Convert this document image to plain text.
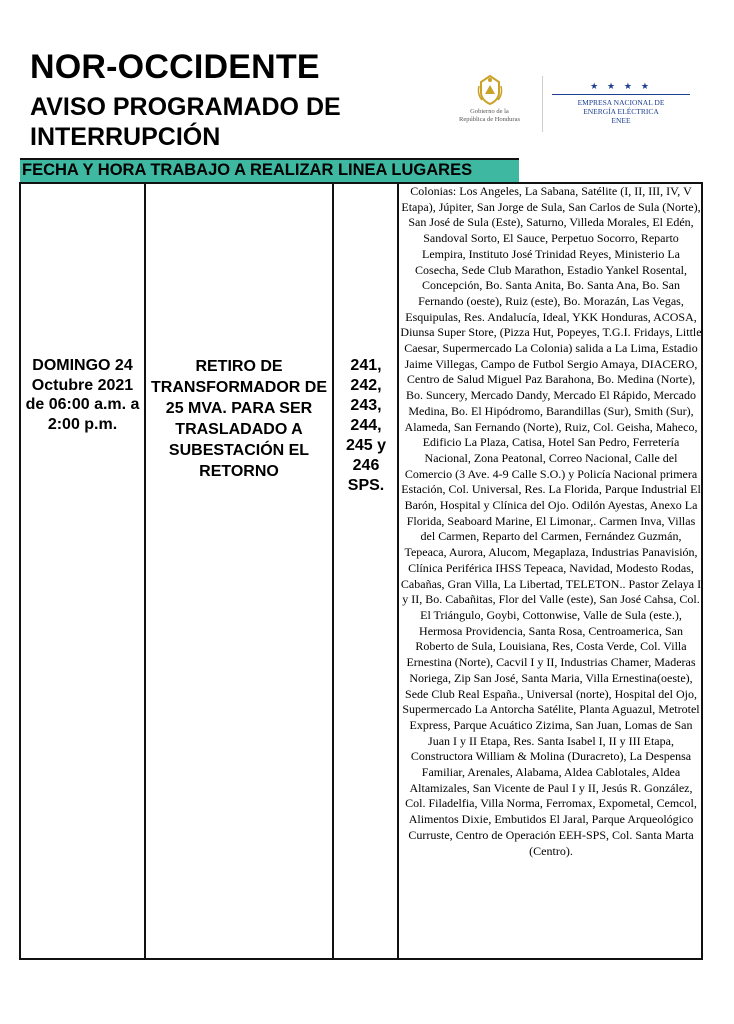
NOR-OCCIDENTE
AVISO PROGRAMADO DE
INTERRUPCIÓN
Gobierno de la
República de Honduras
★ ★ ★ ★
EMPRESA NACIONAL DE
ENERGÍA ELÉCTRICA
ENEE
FECHA Y HORA TRABAJO A REALIZAR LINEA LUGARES
DOMINGO 24 Octubre 2021 de 06:00 a.m. a 2:00 p.m.
RETIRO DE TRANSFORMADOR DE 25 MVA. PARA SER TRASLADADO A SUBESTACIÓN EL RETORNO
241, 242, 243, 244, 245 y 246 SPS.
Colonias: Los Angeles, La Sabana, Satélite (I, II, III, IV, V Etapa), Júpiter, San Jorge de Sula, San Carlos de Sula (Norte), San José de Sula (Este), Saturno, Villeda Morales, El Edén, Sandoval Sorto, El Sauce, Perpetuo Socorro, Reparto Lempira, Instituto José Trinidad Reyes, Ministerio La Cosecha, Sede Club Marathon, Estadio Yankel Rosental, Concepción, Bo. Santa Anita, Bo. Santa Ana, Bo. San Fernando (oeste), Ruiz (este), Bo. Morazán, Las Vegas, Esquipulas, Res. Andalucía, Ideal, YKK Honduras, ACOSA, Diunsa Super Store, (Pizza Hut, Popeyes, T.G.I. Fridays, Little Caesar, Supermercado La Colonia) salida a La Lima, Estadio Jaime Villegas, Campo de Futbol Sergio Amaya, DIACERO, Centro de Salud Miguel Paz Barahona, Bo. Medina (Norte), Bo. Suncery, Mercado Dandy, Mercado El Rápido, Mercado Medina, Bo. El Hipódromo, Barandillas (Sur), Smith (Sur), Alameda, San Fernando (Norte), Ruiz, Col. Geisha, Maheco, Edificio La Plaza, Catisa, Hotel San Pedro, Ferretería Nacional, Zona Peatonal, Correo Nacional, Calle del Comercio (3 Ave. 4-9 Calle S.O.) y Policía Nacional primera Estación, Col. Universal, Res. La Florida, Parque Industrial El Barón, Hospital y Clínica del Ojo. Odilón Ayestas, Anexo La Florida, Seaboard Marine, El Limonar,. Carmen Inva, Villas del Carmen, Reparto del Carmen, Fernández Guzmán, Tepeaca, Aurora, Alucom, Megaplaza, Industrias Panavisión, Clínica Periférica IHSS Tepeaca, Navidad, Modesto Rodas, Cabañas, Gran Villa, La Libertad, TELETON.. Pastor Zelaya I y II, Bo. Cabañitas, Flor del Valle (este), San José Cahsa, Col. El Triángulo, Goybi, Cottonwise, Valle de Sula (este.), Hermosa Providencia, Santa Rosa, Centroamerica, San Roberto de Sula, Louisiana, Res, Costa Verde, Col. Villa Ernestina (Norte), Cacvil I y II, Industrias Chamer, Maderas Noriega, Zip San José, Santa Maria, Villa Ernestina(oeste), Sede Club Real España., Universal (norte), Hospital del Ojo, Supermercado La Antorcha Satélite, Planta Aguazul, Metrotel Express, Parque Acuático Zizima, San Juan, Lomas de San Juan I y II Etapa, Res. Santa Isabel I, II y III Etapa, Constructora William & Molina (Duracreto), La Despensa Familiar, Arenales, Alabama, Aldea Cablotales, Aldea Altamizales, San Vicente de Paul I y II, Jesús R. González, Col. Filadelfia, Villa Norma, Ferromax, Expometal, Cemcol, Alimentos Dixie, Embutidos El Jaral, Parque Arqueológico Curruste, Centro de Operación EEH-SPS, Col. Santa Marta (Centro).
